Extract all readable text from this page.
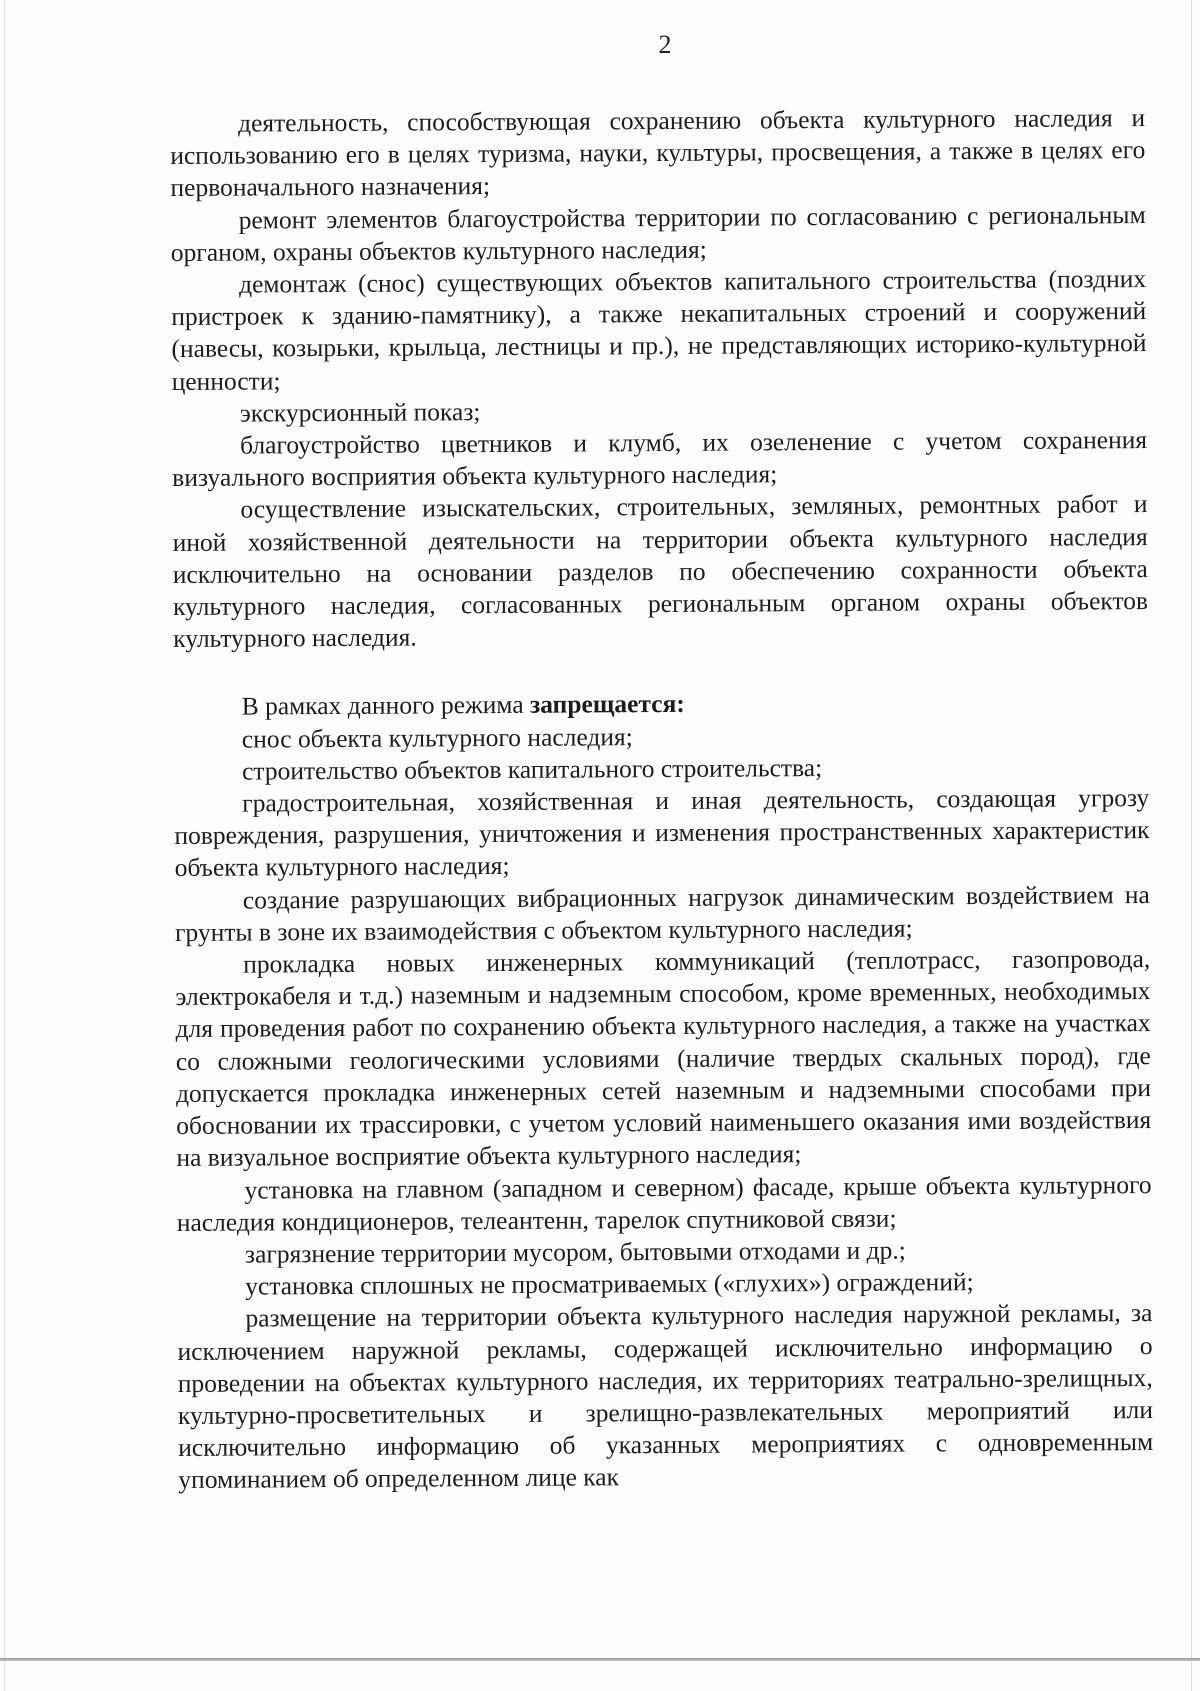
2

деятельность, способствующая сохранению объекта культурного наследия и использованию его в целях туризма, науки, культуры, просвещения, а также в целях его первоначального назначения;

ремонт элементов благоустройства территории по согласованию с региональным органом, охраны объектов культурного наследия;

демонтаж (снос) существующих объектов капитального строительства (поздних пристроек к зданию-памятнику), а также некапитальных строений и сооружений (навесы, козырьки, крыльца, лестницы и пр.), не представляющих историко-культурной ценности;

экскурсионный показ;

благоустройство цветников и клумб, их озеленение с учетом сохранения визуального восприятия объекта культурного наследия;

осуществление изыскательских, строительных, земляных, ремонтных работ и иной хозяйственной деятельности на территории объекта культурного наследия исключительно на основании разделов по обеспечению сохранности объекта культурного наследия, согласованных региональным органом охраны объектов культурного наследия.

В рамках данного режима запрещается:

снос объекта культурного наследия;

строительство объектов капитального строительства;

градостроительная, хозяйственная и иная деятельность, создающая угрозу повреждения, разрушения, уничтожения и изменения пространственных характеристик объекта культурного наследия;

создание разрушающих вибрационных нагрузок динамическим воздействием на грунты в зоне их взаимодействия с объектом культурного наследия;

прокладка новых инженерных коммуникаций (теплотрасс, газопровода, электрокабеля и т.д.) наземным и надземным способом, кроме временных, необходимых для проведения работ по сохранению объекта культурного наследия, а также на участках со сложными геологическими условиями (наличие твердых скальных пород), где допускается прокладка инженерных сетей наземным и надземными способами при обосновании их трассировки, с учетом условий наименьшего оказания ими воздействия на визуальное восприятие объекта культурного наследия;

установка на главном (западном и северном) фасаде, крыше объекта культурного наследия кондиционеров, телеантенн, тарелок спутниковой связи;

загрязнение территории мусором, бытовыми отходами и др.;

установка сплошных не просматриваемых («глухих») ограждений;

размещение на территории объекта культурного наследия наружной рекламы, за исключением наружной рекламы, содержащей исключительно информацию о проведении на объектах культурного наследия, их территориях театрально-зрелищных, культурно-просветительных и зрелищно-развлекательных мероприятий или исключительно информацию об указанных мероприятиях с одновременным упоминанием об определенном лице как
